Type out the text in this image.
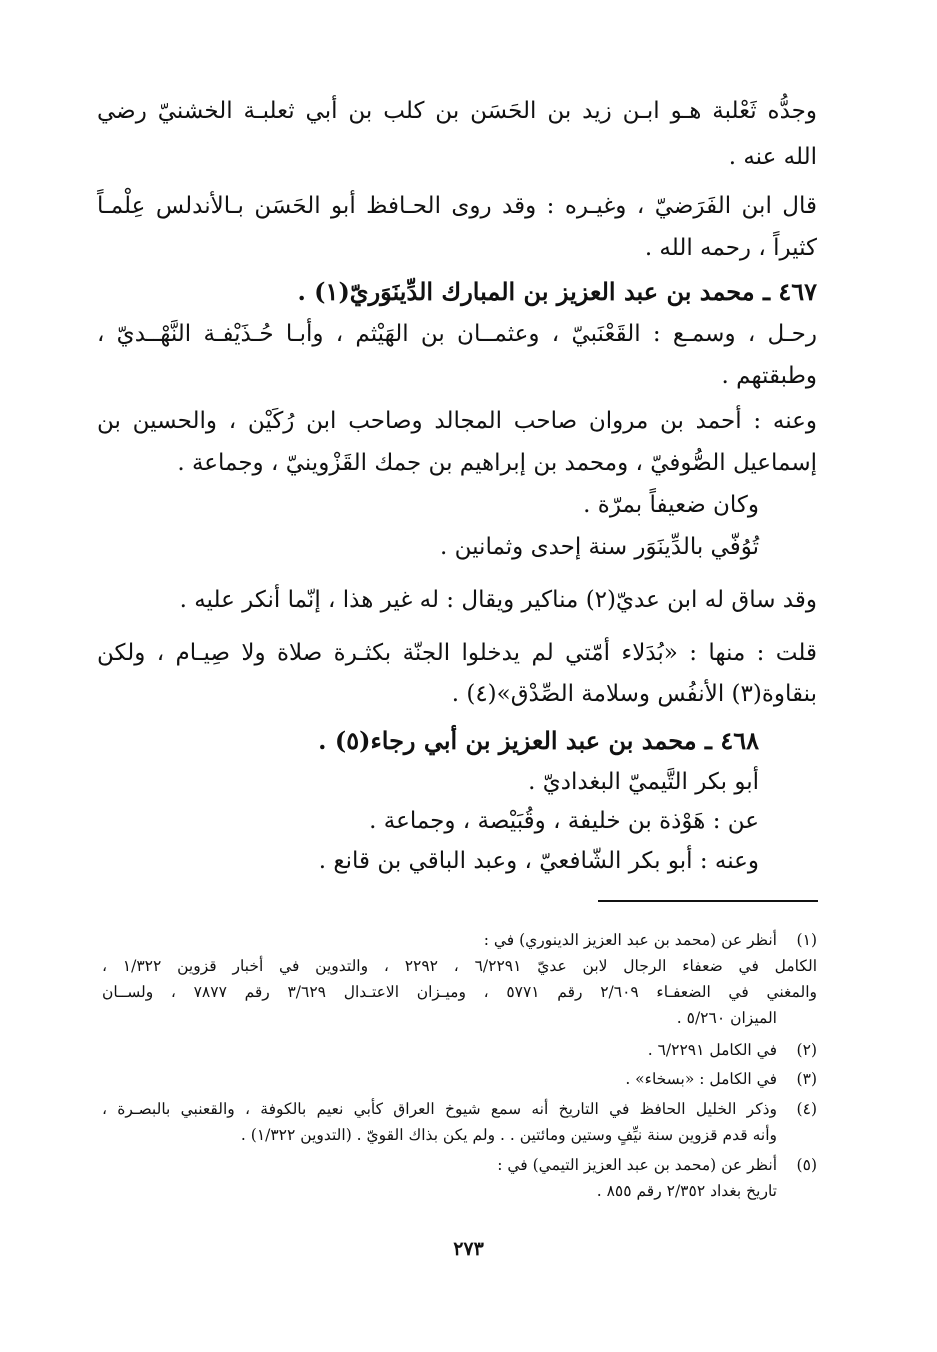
وجدُّه ثَعْلبة هـو ابـن زيد بن الحَسَن بن كلب بن أبي ثعلبـة الخشنيّ رضي
الله عنه .
قال ابن الفَرَضيّ ، وغيـره : وقد روى الحـافظ أبو الحَسَن بـالأندلس عِلْمـاً
كثيراً ، رحمه الله .
٤٦٧ ـ محمد بن عبد العزيز بن المبارك الدِّينَوَريّ(١) .
رحـل ، وسمـع : القَعْنَبيّ ، وعثمــان بن الهَيْثم ، وأبـا حُـذَيْفـة النَّهْــديّ ،
وطبقتهم .
وعنه : أحمد بن مروان صاحب المجالد وصاحب ابن رُكَيْن ، والحسين بن
إسماعيل الصُّوفيّ ، ومحمد بن إبراهيم بن جمك القَزْوينيّ ، وجماعة .
وكان ضعيفاً بمرّة .
تُوُفّي بالدِّينَوَر سنة إحدى وثمانين .
وقد ساق له ابن عديّ(٢) مناكير ويقال : له غير هذا ، إنّما أنكر عليه .
قلت : منها : «بُدَلاء أمّتي لم يدخلوا الجنّة بكثـرة صلاة ولا صِيـام ، ولكن
بنقاوة(٣) الأنفُس وسلامة الصِّدْق»(٤) .
٤٦٨ ـ محمد بن عبد العزيز بن أبي رجاء(٥) .
أبو بكر التَّيميّ البغداديّ .
عن : هَوْذة بن خليفة ، وقُبَيْصة ، وجماعة .
وعنه : أبو بكر الشّافعيّ ، وعبد الباقي بن قانع .
(١)
أنظر عن (محمد بن عبد العزيز الدينوري) في :
الكامل في ضعفاء الرجال لابن عديّ ٦/٢٢٩١ ، ٢٢٩٢ ، والتدوين في أخبار قزوين ١/٣٢٢ ،
والمغني في الضعفـاء ٢/٦٠٩ رقم ٥٧٧١ ، وميـزان الاعتـدال ٣/٦٢٩ رقم ٧٨٧٧ ، ولســان
الميزان ٥/٢٦٠ .
(٢)
في الكامل ٦/٢٢٩١ .
(٣)
في الكامل : «بسخاء» .
(٤)
وذكر الخليل الحافظ في التاريخ أنه سمع شيوخ العراق كأبي نعيم بالكوفة ، والقعنبي بالبصـرة ،
وأنه قدم قزوين سنة نيِّفٍ وستين ومائتين . . ولم يكن بذاك القويّ . (التدوين ١/٣٢٢) .
(٥)
أنظر عن (محمد بن عبد العزيز التيمي) في :
تاريخ بغداد ٢/٣٥٢ رقم ٨٥٥ .
٢٧٣
